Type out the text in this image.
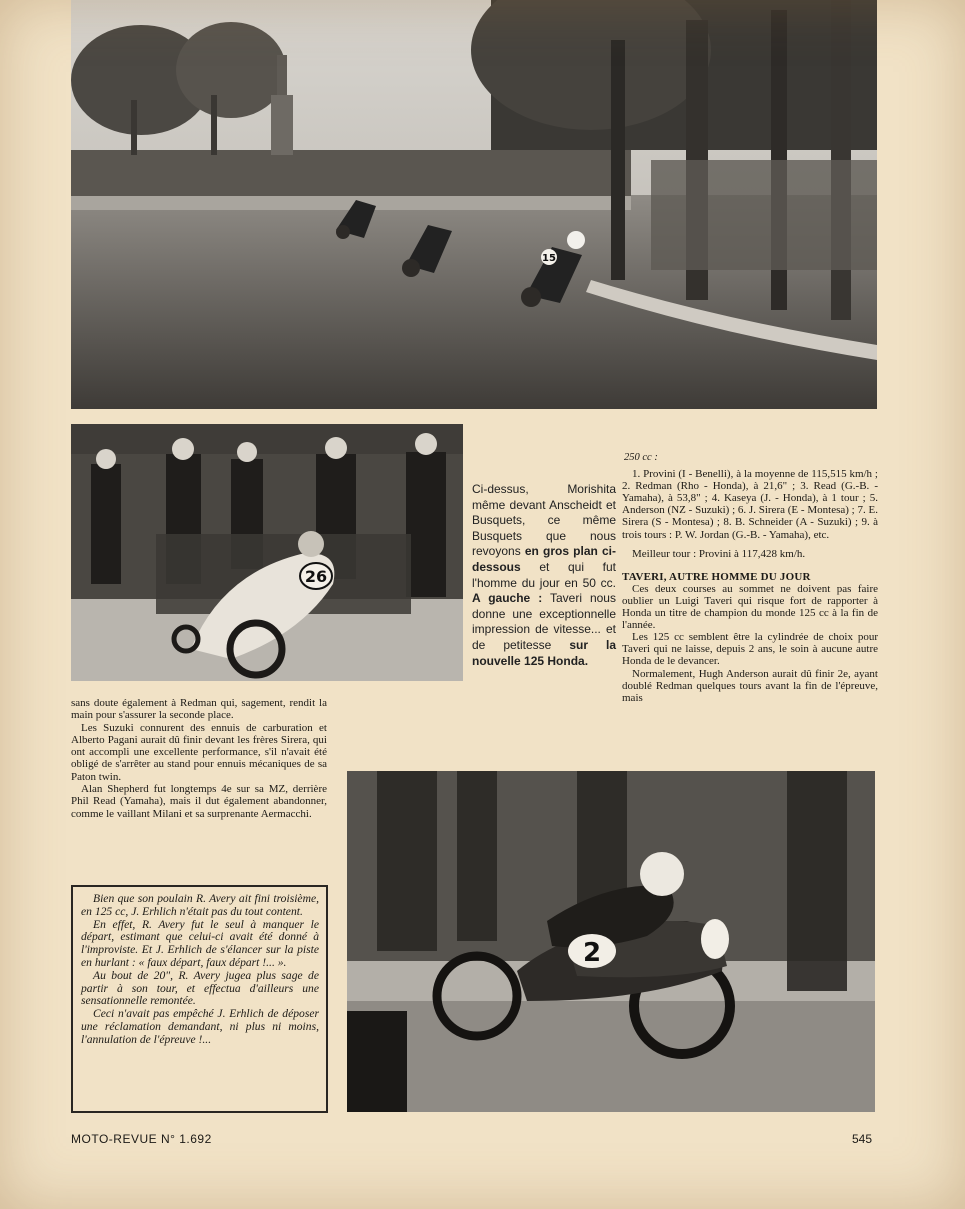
15
26
Ci-dessus, Morishita même devant Anscheidt et Busquets, ce même Busquets que nous revoyons en gros plan ci-dessous et qui fut l'homme du jour en 50 cc. A gauche : Taveri nous donne une exceptionnelle impression de vitesse... et de petitesse sur la nouvelle 125 Honda.
250 cc :
1. Provini (I - Benelli), à la moyenne de 115,515 km/h ; 2. Redman (Rho - Honda), à 21,6" ; 3. Read (G.-B. - Yamaha), à 53,8" ; 4. Kaseya (J. - Honda), à 1 tour ; 5. Anderson (NZ - Suzuki) ; 6. J. Sirera (E - Montesa) ; 7. E. Sirera (S - Montesa) ; 8. B. Schneider (A - Suzuki) ; 9. à trois tours : P. W. Jordan (G.-B. - Yamaha), etc.
Meilleur tour : Provini à 117,428 km/h.
TAVERI, AUTRE HOMME DU JOUR

Ces deux courses au sommet ne doivent pas faire oublier un Luigi Taveri qui risque fort de rapporter à Honda un titre de champion du monde 125 cc à la fin de l'année.

Les 125 cc semblent être la cylindrée de choix pour Taveri qui ne laisse, depuis 2 ans, le soin à aucune autre Honda de le devancer.

Normalement, Hugh Anderson aurait dû finir 2e, ayant doublé Redman quelques tours avant la fin de l'épreuve, mais

sans doute également à Redman qui, sagement, rendit la main pour s'assurer la seconde place.

Les Suzuki connurent des ennuis de carburation et Alberto Pagani aurait dû finir devant les frères Sirera, qui ont accompli une excellente performance, s'il n'avait été obligé de s'arrêter au stand pour ennuis mécaniques de sa Paton twin.

Alan Shepherd fut longtemps 4e sur sa MZ, derrière Phil Read (Yamaha), mais il dut également abandonner, comme le vaillant Milani et sa surprenante Aermacchi.

Bien que son poulain R. Avery ait fini troisième, en 125 cc, J. Erhlich n'était pas du tout content.

En effet, R. Avery fut le seul à manquer le départ, estimant que celui-ci avait été donné à l'improviste. Et J. Erhlich de s'élancer sur la piste en hurlant : « faux départ, faux départ !... ».

Au bout de 20", R. Avery jugea plus sage de partir à son tour, et effectua d'ailleurs une sensationnelle remontée.

Ceci n'avait pas empêché J. Erhlich de déposer une réclamation demandant, ni plus ni moins, l'annulation de l'épreuve !...

2
MOTO-REVUE N° 1.692	545
